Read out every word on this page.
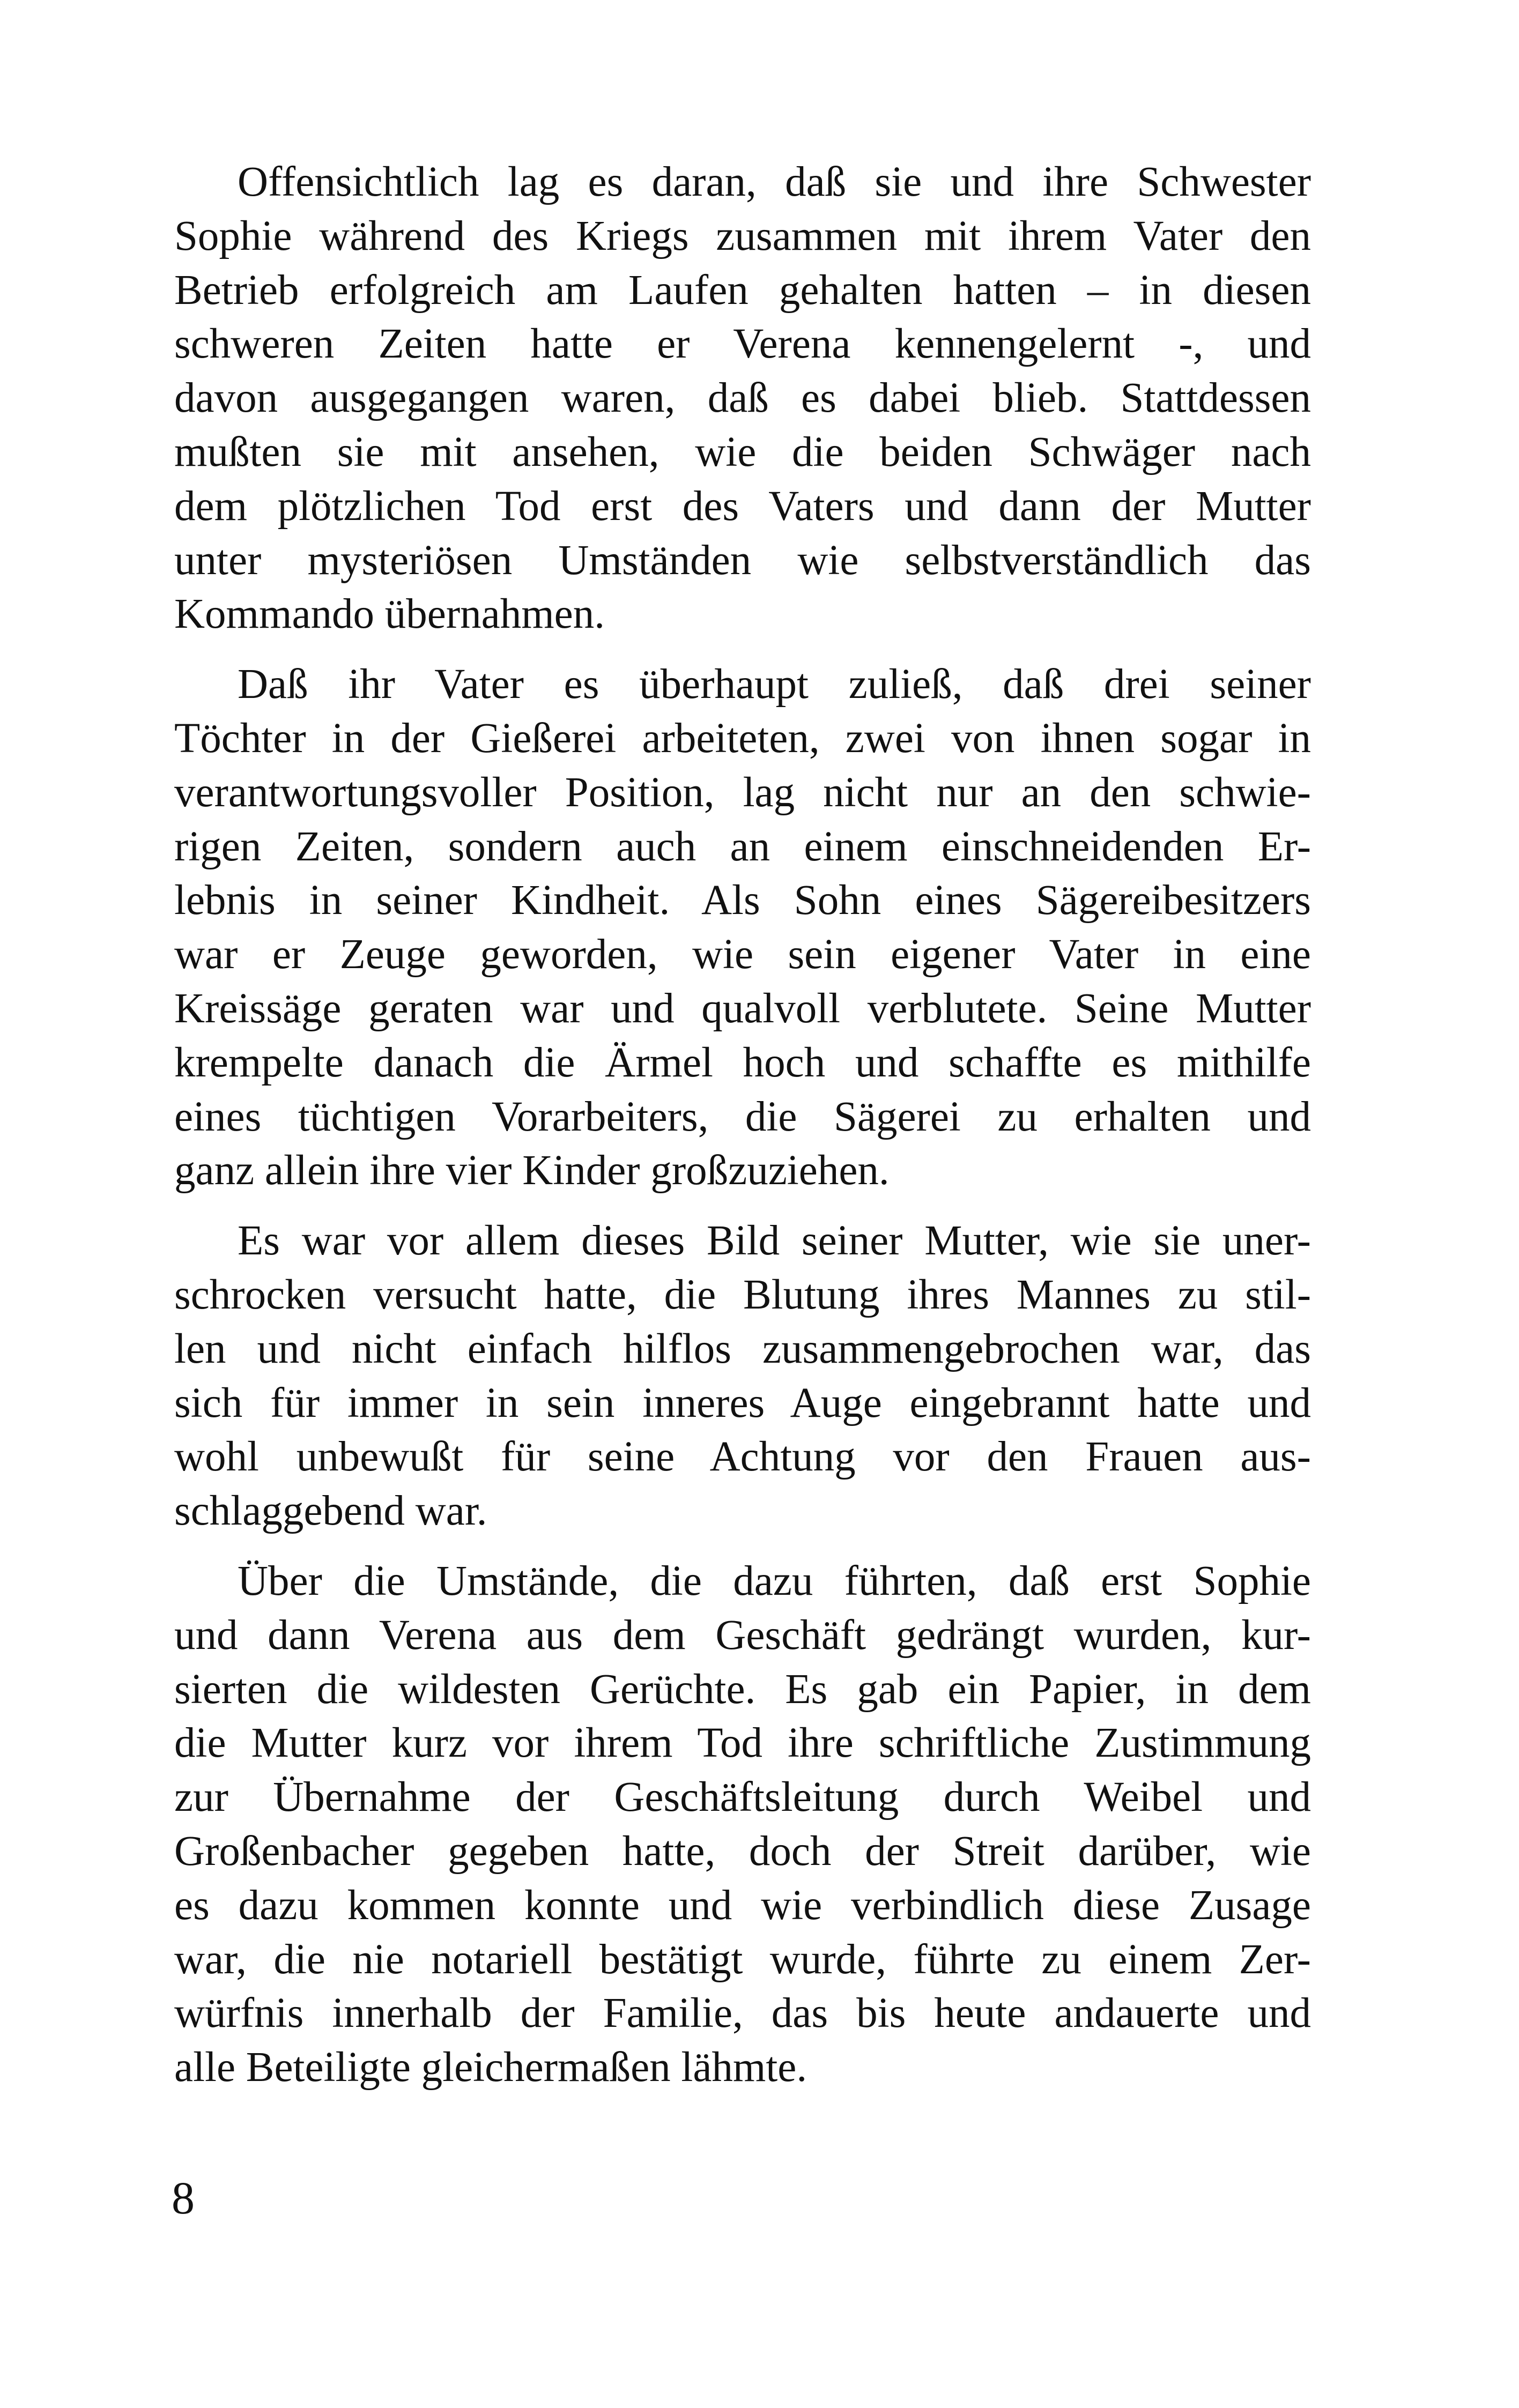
Offensichtlich lag es daran, daß sie und ihre Schwester
Sophie während des Kriegs zusammen mit ihrem Vater den
Betrieb erfolgreich am Laufen gehalten hatten – in diesen
schweren Zeiten hatte er Verena kennengelernt -, und
davon ausgegangen waren, daß es dabei blieb. Stattdessen
mußten sie mit ansehen, wie die beiden Schwäger nach
dem plötzlichen Tod erst des Vaters und dann der Mutter
unter mysteriösen Umständen wie selbstverständlich das
Kommando übernahmen.
Daß ihr Vater es überhaupt zuließ, daß drei seiner
Töchter in der Gießerei arbeiteten, zwei von ihnen sogar in
verantwortungsvoller Position, lag nicht nur an den schwie-
rigen Zeiten, sondern auch an einem einschneidenden Er-
lebnis in seiner Kindheit. Als Sohn eines Sägereibesitzers
war er Zeuge geworden, wie sein eigener Vater in eine
Kreissäge geraten war und qualvoll verblutete. Seine Mutter
krempelte danach die Ärmel hoch und schaffte es mithilfe
eines tüchtigen Vorarbeiters, die Sägerei zu erhalten und
ganz allein ihre vier Kinder großzuziehen.
Es war vor allem dieses Bild seiner Mutter, wie sie uner-
schrocken versucht hatte, die Blutung ihres Mannes zu stil-
len und nicht einfach hilflos zusammengebrochen war, das
sich für immer in sein inneres Auge eingebrannt hatte und
wohl unbewußt für seine Achtung vor den Frauen aus-
schlaggebend war.
Über die Umstände, die dazu führten, daß erst Sophie
und dann Verena aus dem Geschäft gedrängt wurden, kur-
sierten die wildesten Gerüchte. Es gab ein Papier, in dem
die Mutter kurz vor ihrem Tod ihre schriftliche Zustimmung
zur Übernahme der Geschäftsleitung durch Weibel und
Großenbacher gegeben hatte, doch der Streit darüber, wie
es dazu kommen konnte und wie verbindlich diese Zusage
war, die nie notariell bestätigt wurde, führte zu einem Zer-
würfnis innerhalb der Familie, das bis heute andauerte und
alle Beteiligte gleichermaßen lähmte.
8
